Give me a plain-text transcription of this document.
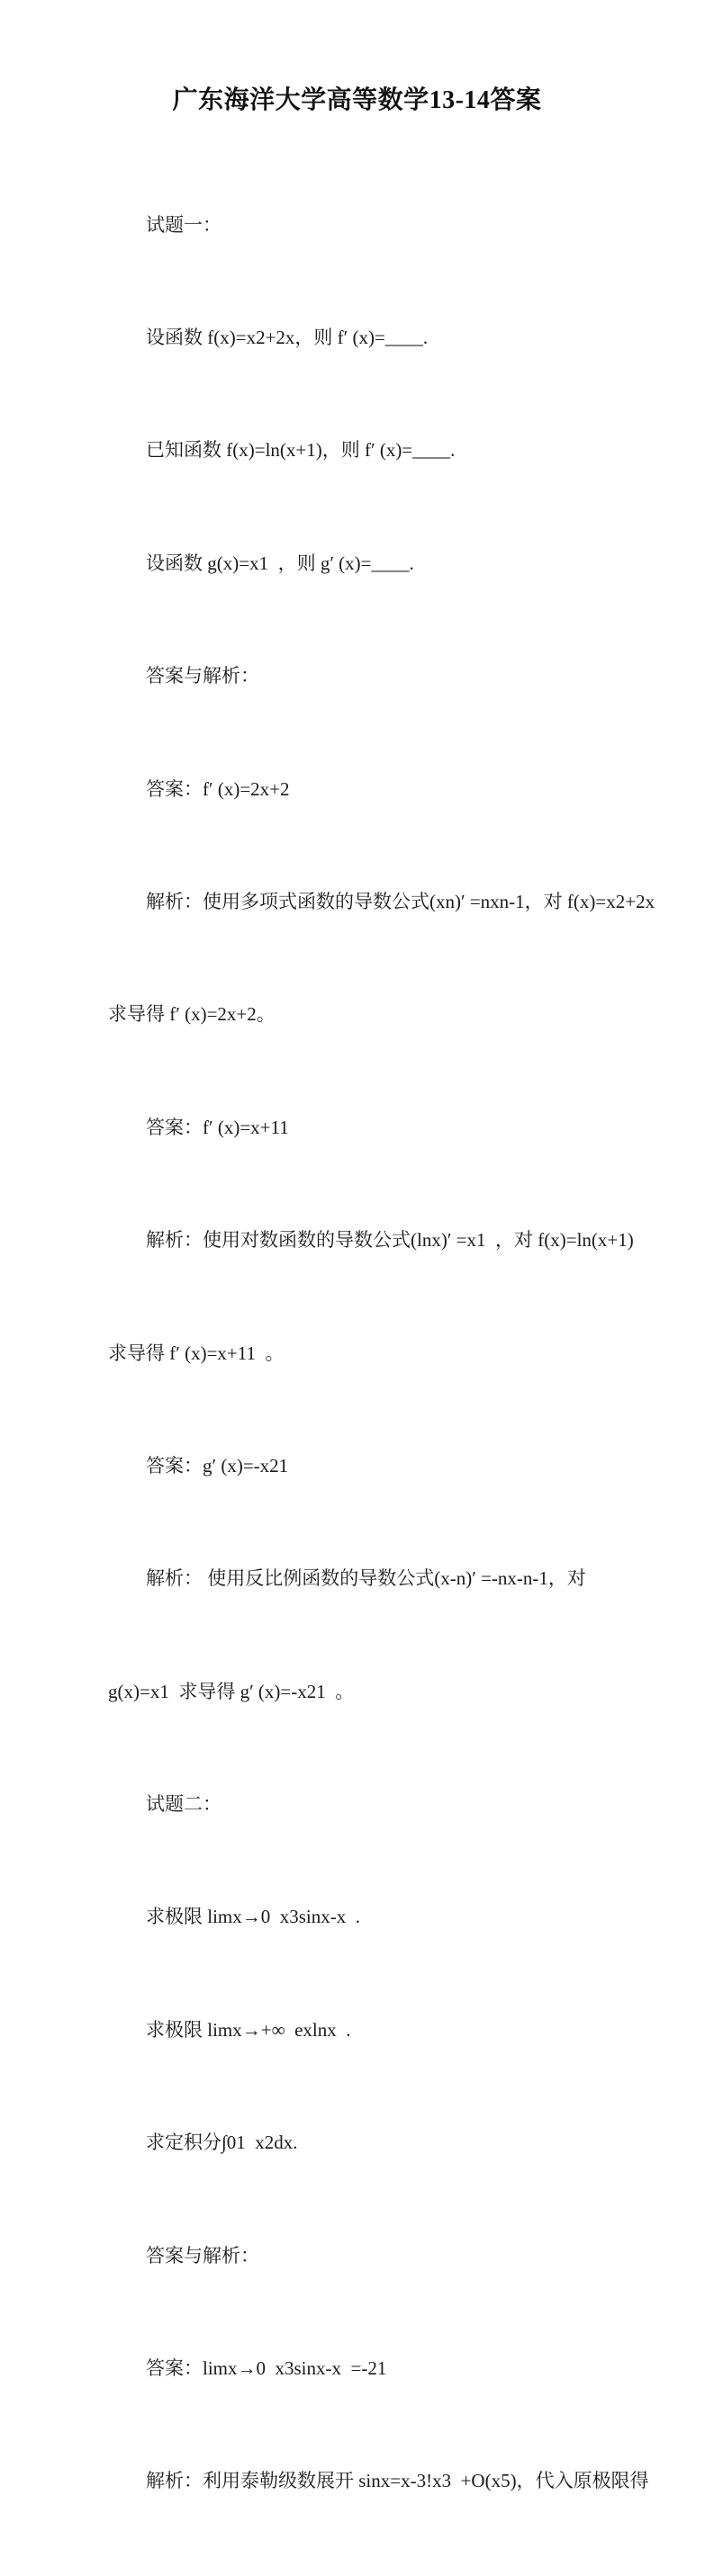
广东海洋大学高等数学13-14答案

试题一：

设函数 f(x)=x2+2x，则 f′ (x)=____.

已知函数 f(x)=ln(x+1)，则 f′ (x)=____.

设函数 g(x)=x1  ，则 g′ (x)=____.

答案与解析：

答案：f′ (x)=2x+2

解析：使用多项式函数的导数公式(xn)′ =nxn-1，对 f(x)=x2+2x

求导得 f′ (x)=2x+2。

答案：f′ (x)=x+11

解析：使用对数函数的导数公式(lnx)′ =x1  ，对 f(x)=ln(x+1)

求导得 f′ (x)=x+11  。

答案：g′ (x)=-x21

解析： 使用反比例函数的导数公式(x-n)′ =-nx-n-1，对

g(x)=x1  求导得 g′ (x)=-x21  。

试题二：

求极限 limx→0  x3sinx-x  .

求极限 limx→+∞  exlnx  .

求定积分∫01  x2dx.

答案与解析：

答案：limx→0  x3sinx-x  =-21

解析：利用泰勒级数展开 sinx=x-3!x3  +O(x5)，代入原极限得
